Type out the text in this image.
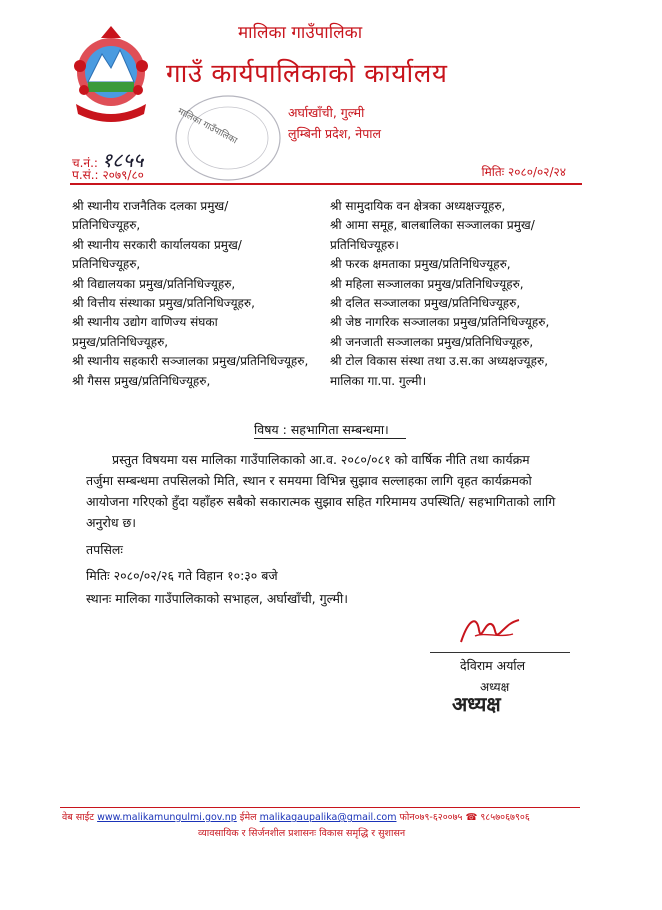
मालिका गाउँपालिका
मालिका गाउँपालिका
गाउँ कार्यपालिकाको कार्यालय
अर्घाखाँची, गुल्मी
लुम्बिनी प्रदेश, नेपाल
च.नं.: १८५५
प.सं.: २०७९/८०	मितिः २०८०/०२/२४
श्री स्थानीय राजनैतिक दलका प्रमुख/
प्रतिनिधिज्यूहरु,
श्री स्थानीय सरकारी कार्यालयका प्रमुख/
प्रतिनिधिज्यूहरु,
श्री विद्यालयका प्रमुख/प्रतिनिधिज्यूहरु,
श्री वित्तीय संस्थाका प्रमुख/प्रतिनिधिज्यूहरु,
श्री स्थानीय उद्योग वाणिज्य संघका
प्रमुख/प्रतिनिधिज्यूहरु,
श्री स्थानीय सहकारी सञ्जालका प्रमुख/प्रतिनिधिज्यूहरु,
श्री गैसस प्रमुख/प्रतिनिधिज्यूहरु,
श्री सामुदायिक वन क्षेत्रका अध्यक्षज्यूहरु,
श्री आमा समूह, बालबालिका सञ्जालका प्रमुख/
प्रतिनिधिज्यूहरु।
श्री फरक क्षमताका प्रमुख/प्रतिनिधिज्यूहरु,
श्री महिला सञ्जालका प्रमुख/प्रतिनिधिज्यूहरु,
श्री दलित सञ्जालका प्रमुख/प्रतिनिधिज्यूहरु,
श्री जेष्ठ नागरिक सञ्जालका प्रमुख/प्रतिनिधिज्यूहरु,
श्री जनजाती सञ्जालका प्रमुख/प्रतिनिधिज्यूहरु,
श्री टोल विकास संस्था तथा उ.स.का अध्यक्षज्यूहरु,
मालिका गा.पा. गुल्मी।
विषय : सहभागिता सम्बन्धमा।
प्रस्तुत विषयमा यस मालिका गाउँपालिकाको आ.व. २०८०/०८१ को वार्षिक नीति तथा कार्यक्रम
तर्जुमा सम्बन्धमा तपसिलको मिति, स्थान र समयमा विभिन्न सुझाव सल्लाहका लागि वृहत कार्यक्रमको
आयोजना गरिएको हुँदा यहाँहरु सबैको सकारात्मक सुझाव सहित गरिमामय उपस्थिति/ सहभागिताको लागि
अनुरोध छ।
तपसिलः
मितिः २०८०/०२/२६ गते विहान १०:३० बजे
स्थानः मालिका गाउँपालिकाको सभाहल, अर्घाखाँची, गुल्मी।
देविराम अर्याल
अध्यक्ष
अध्यक्ष
वेब साईट www.malikamungulmi.gov.np ईमेल malikagaupalika@gmail.com फोन०७९-६२००७५ ☎ ९८५७०६७९०६
व्यावसायिक र सिर्जनशील प्रशासनः विकास समृद्धि र सुशासन
